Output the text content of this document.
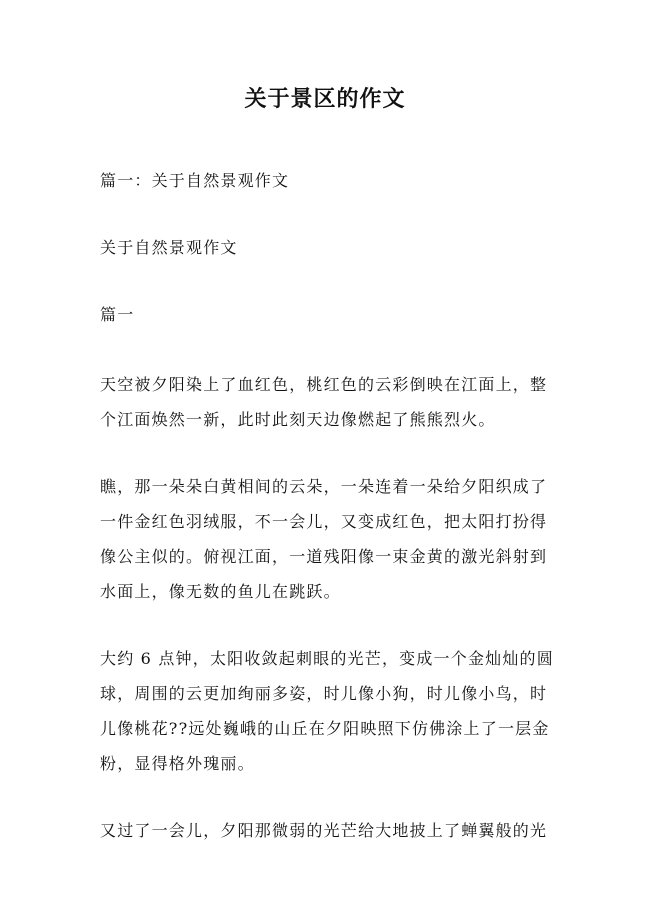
关于景区的作文
篇一：关于自然景观作文
关于自然景观作文
篇一
天空被夕阳染上了血红色，桃红色的云彩倒映在江面上，整
个江面焕然一新，此时此刻天边像燃起了熊熊烈火。
瞧，那一朵朵白黄相间的云朵，一朵连着一朵给夕阳织成了
一件金红色羽绒服，不一会儿，又变成红色，把太阳打扮得
像公主似的。俯视江面，一道残阳像一束金黄的激光斜射到
水面上，像无数的鱼儿在跳跃。
大约 6 点钟，太阳收敛起刺眼的光芒，变成一个金灿灿的圆
球，周围的云更加绚丽多姿，时儿像小狗，时儿像小鸟，时
儿像桃花??远处巍峨的山丘在夕阳映照下仿佛涂上了一层金
粉，显得格外瑰丽。
又过了一会儿，夕阳那微弱的光芒给大地披上了蝉翼般的光
